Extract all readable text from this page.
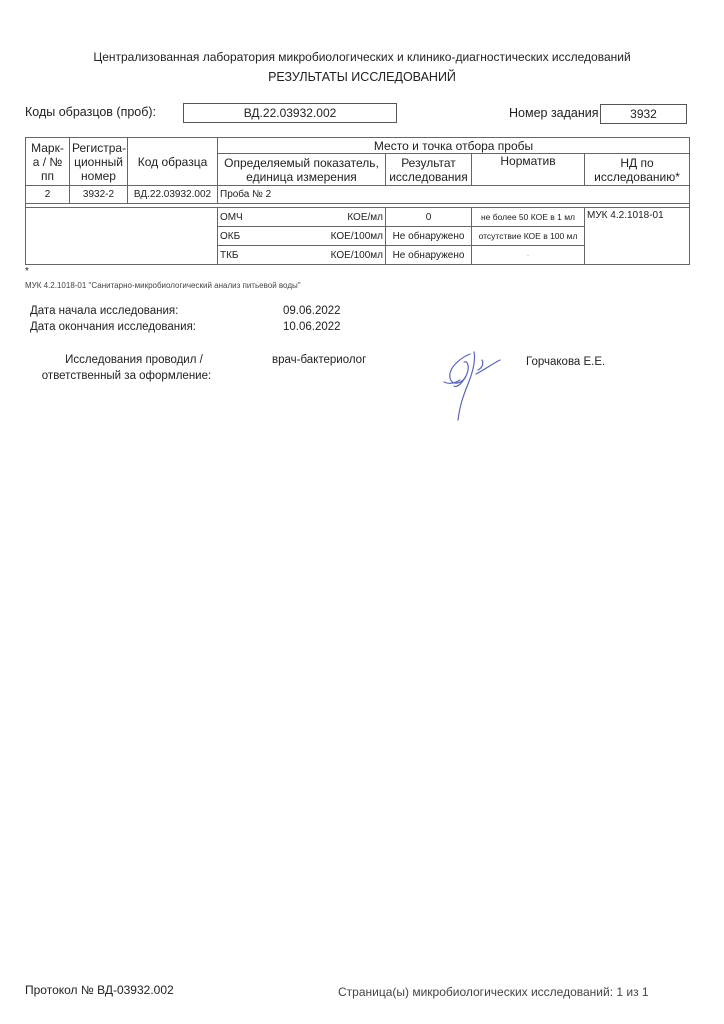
Централизованная лаборатория микробиологических и клинико-диагностических исследований
РЕЗУЛЬТАТЫ ИССЛЕДОВАНИЙ
Коды образцов (проб):	ВД.22.03932.002	Номер задания	3932
Марк-а / № пп	Регистра-ционный номер	Код образца	Место и точка отбора пробы			
			Определяемый показатель, единица измерения	Результат исследования	Норматив	НД по исследованию*
2	3932-2	ВД.22.03932.002	Проба № 2			

			ОМЧ КОЕ/мл	0	не более 50 КОЕ в 1 мл	МУК 4.2.1018-01

			ОКБ КОЕ/100мл	Не обнаружено	отсутствие КОЕ в 100 мл	

			ТКБ КОЕ/100мл	Не обнаружено	-	
*
МУК 4.2.1018-01 "Санитарно-микробиологический анализ питьевой воды"
Дата начала исследования:	09.06.2022
Дата окончания исследования:	10.06.2022
Исследования проводил /
ответственный за оформление:
врач-бактериолог	Горчакова Е.Е.
Протокол № ВД-03932.002	Страница(ы) микробиологических исследований: 1 из 1
